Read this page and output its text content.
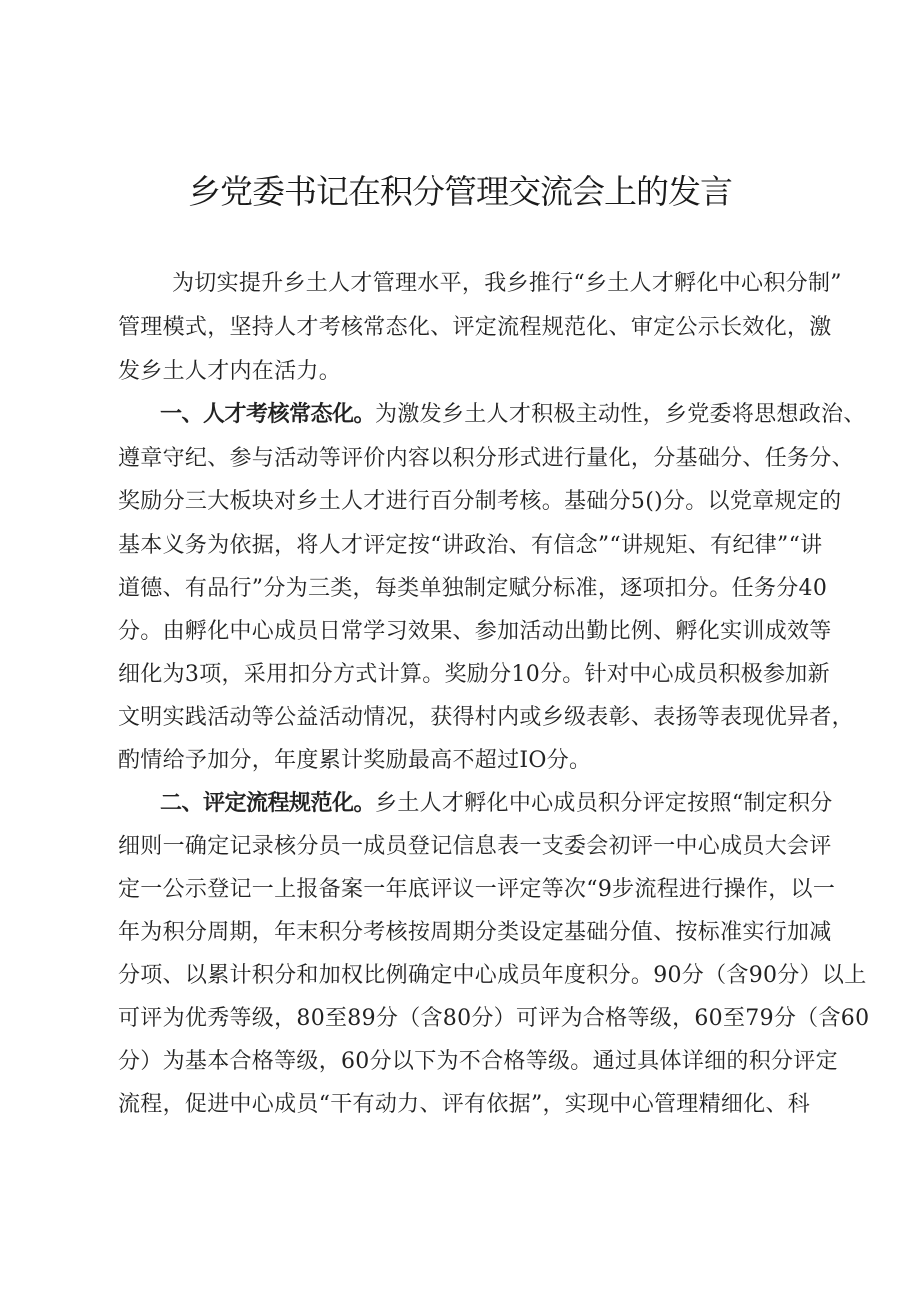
乡党委书记在积分管理交流会上的发言
为切实提升乡土人才管理水平，我乡推行“乡土人才孵化中心积分制”
管理模式，坚持人才考核常态化、评定流程规范化、审定公示长效化，激
发乡土人才内在活力。
一、人才考核常态化。为激发乡土人才积极主动性，乡党委将思想政治、
遵章守纪、参与活动等评价内容以积分形式进行量化，分基础分、任务分、
奖励分三大板块对乡土人才进行百分制考核。基础分5()分。以党章规定的
基本义务为依据，将人才评定按“讲政治、有信念”“讲规矩、有纪律”“讲
道德、有品行”分为三类，每类单独制定赋分标准，逐项扣分。任务分40
分。由孵化中心成员日常学习效果、参加活动出勤比例、孵化实训成效等
细化为3项，采用扣分方式计算。奖励分10分。针对中心成员积极参加新
文明实践活动等公益活动情况，获得村内或乡级表彰、表扬等表现优异者，
酌情给予加分，年度累计奖励最高不超过IO分。
二、评定流程规范化。乡土人才孵化中心成员积分评定按照“制定积分
细则一确定记录核分员一成员登记信息表一支委会初评一中心成员大会评
定一公示登记一上报备案一年底评议一评定等次“9步流程进行操作，以一
年为积分周期，年末积分考核按周期分类设定基础分值、按标准实行加减
分项、以累计积分和加权比例确定中心成员年度积分。90分（含90分）以上
可评为优秀等级，80至89分（含80分）可评为合格等级，60至79分（含60
分）为基本合格等级，60分以下为不合格等级。通过具体详细的积分评定
流程，促进中心成员“干有动力、评有依据”，实现中心管理精细化、科
